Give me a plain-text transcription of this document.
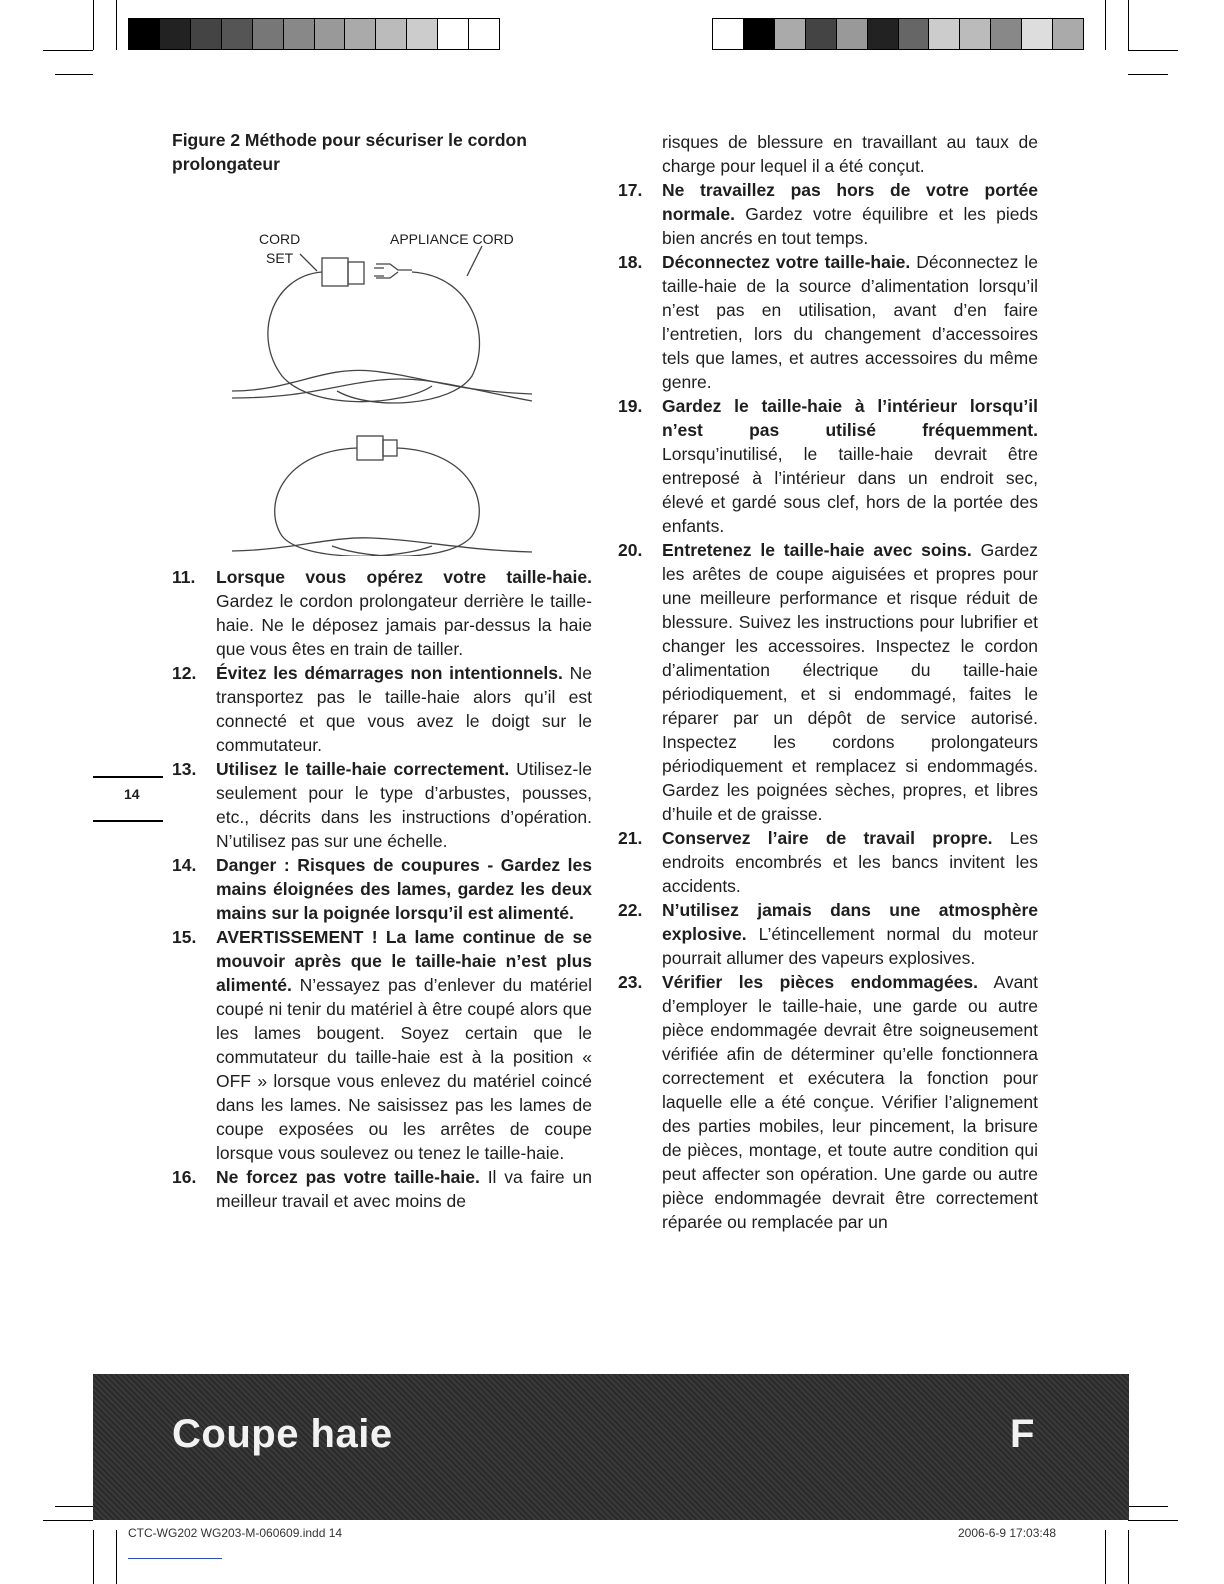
Figure 2 Méthode pour sécuriser le cordon prolongateur

CORD
SET
APPLIANCE CORD

11. Lorsque vous opérez votre taille-haie. Gardez le cordon prolongateur derrière le taille-haie. Ne le déposez jamais par-dessus la haie que vous êtes en train de tailler.

12. Évitez les démarrages non intentionnels. Ne transportez pas le taille-haie alors qu’il est connecté et que vous avez le doigt sur le commutateur.

13. Utilisez le taille-haie correctement. Utilisez-le seulement pour le type d’arbustes, pousses, etc., décrits dans les instructions d’opération. N’utilisez pas sur une échelle.

14. Danger : Risques de coupures - Gardez les mains éloignées des lames, gardez les deux mains sur la poignée lorsqu’il est alimenté.

15. AVERTISSEMENT ! La lame continue de se mouvoir après que le taille-haie n’est plus alimenté. N’essayez pas d’enlever du matériel coupé ni tenir du matériel à être coupé alors que les lames bougent. Soyez certain que le commutateur du taille-haie est à la position « OFF » lorsque vous enlevez du matériel coincé dans les lames. Ne saisissez pas les lames de coupe exposées ou les arrêtes de coupe lorsque vous soulevez ou tenez le taille-haie.

16. Ne forcez pas votre taille-haie. Il va faire un meilleur travail et avec moins de

risques de blessure en travaillant au taux de charge pour lequel il a été conçut.

17. Ne travaillez pas hors de votre portée normale. Gardez votre équilibre et les pieds bien ancrés en tout temps.

18. Déconnectez votre taille-haie. Déconnectez le taille-haie de la source d’alimentation lorsqu’il n’est pas en utilisation, avant d’en faire l’entretien, lors du changement d’accessoires tels que lames, et autres accessoires du même genre.

19. Gardez le taille-haie à l’intérieur lorsqu’il n’est pas utilisé fréquemment. Lorsqu’inutilisé, le taille-haie devrait être entreposé à l’intérieur dans un endroit sec, élevé et gardé sous clef, hors de la portée des enfants.

20. Entretenez le taille-haie avec soins. Gardez les arêtes de coupe aiguisées et propres pour une meilleure performance et risque réduit de blessure. Suivez les instructions pour lubrifier et changer les accessoires. Inspectez le cordon d’alimentation électrique du taille-haie périodiquement, et si endommagé, faites le réparer par un dépôt de service autorisé. Inspectez les cordons prolongateurs périodiquement et remplacez si endommagés. Gardez les poignées sèches, propres, et libres d’huile et de graisse.

21. Conservez l’aire de travail propre. Les endroits encombrés et les bancs invitent les accidents.

22. N’utilisez jamais dans une atmosphère explosive. L’étincellement normal du moteur pourrait allumer des vapeurs explosives.

23. Vérifier les pièces endommagées. Avant d’employer le taille-haie, une garde ou autre pièce endommagée devrait être soigneusement vérifiée afin de déterminer qu’elle fonctionnera correctement et exécutera la fonction pour laquelle elle a été conçue. Vérifier l’alignement des parties mobiles, leur pincement, la brisure de pièces, montage, et toute autre condition qui peut affecter son opération. Une garde ou autre pièce endommagée devrait être correctement réparée ou remplacée par un

14
Coupe haie	F
CTC-WG202 WG203-M-060609.indd 14	2006-6-9 17:03:48
